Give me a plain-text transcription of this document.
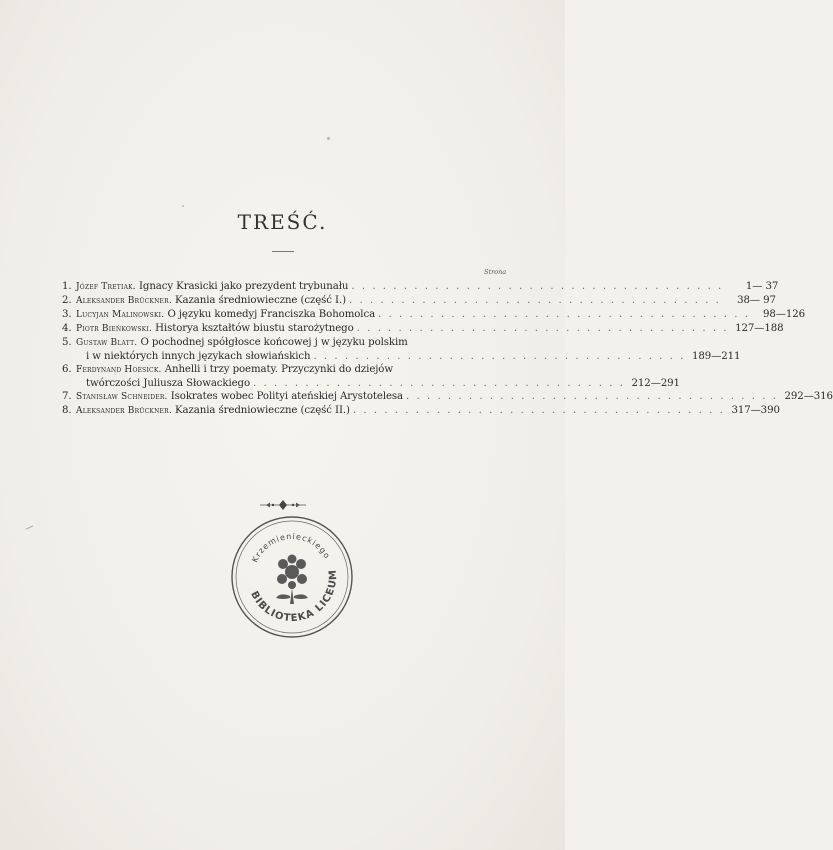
TREŚĆ.
Strona
1. Józef Tretiak. Ignacy Krasicki jako prezydent trybunału . . . . . . . . . . . . . . . . . . . . . . . . . . . . . . . . . . . .	1— 37
2. Aleksander Brückner. Kazania średniowieczne (część I.) . . . . . . . . . . . . . . . . . . . . . . . . . . . . . . . . . . . .	38— 97
3. Lucyjan Malinowski. O języku komedyj Franciszka Bohomolca . . . . . . . . . . . . . . . . . . . . . . . . . . . . . . . . . . . .	98—126
4. Piotr Bieńkowski. Historya kształtów biustu starożytnego . . . . . . . . . . . . . . . . . . . . . . . . . . . . . . . . . . . . 127—188
5. Gustaw Blatt. O pochodnej spółgłosce końcowej j w języku polskim
i w niektórych innych językach słowiańskich . . . . . . . . . . . . . . . . . . . . . . . . . . . . . . . . . . . . 189—211
6. Ferdynand Hoesick. Anhelli i trzy poematy. Przyczynki do dziejów
twórczości Juliusza Słowackiego . . . . . . . . . . . . . . . . . . . . . . . . . . . . . . . . . . . . 212—291
7. Stanisław Schneider. Isokrates wobec Polityi ateńskiej Arystotelesa . . . . . . . . . . . . . . . . . . . . . . . . . . . . . . . . . . . . 292—316
8. Aleksander Brückner. Kazania średniowieczne (część II.) . . . . . . . . . . . . . . . . . . . . . . . . . . . . . . . . . . . . 317—390
BIBLIOTEKA LICEUM
Krzemienieckiego
